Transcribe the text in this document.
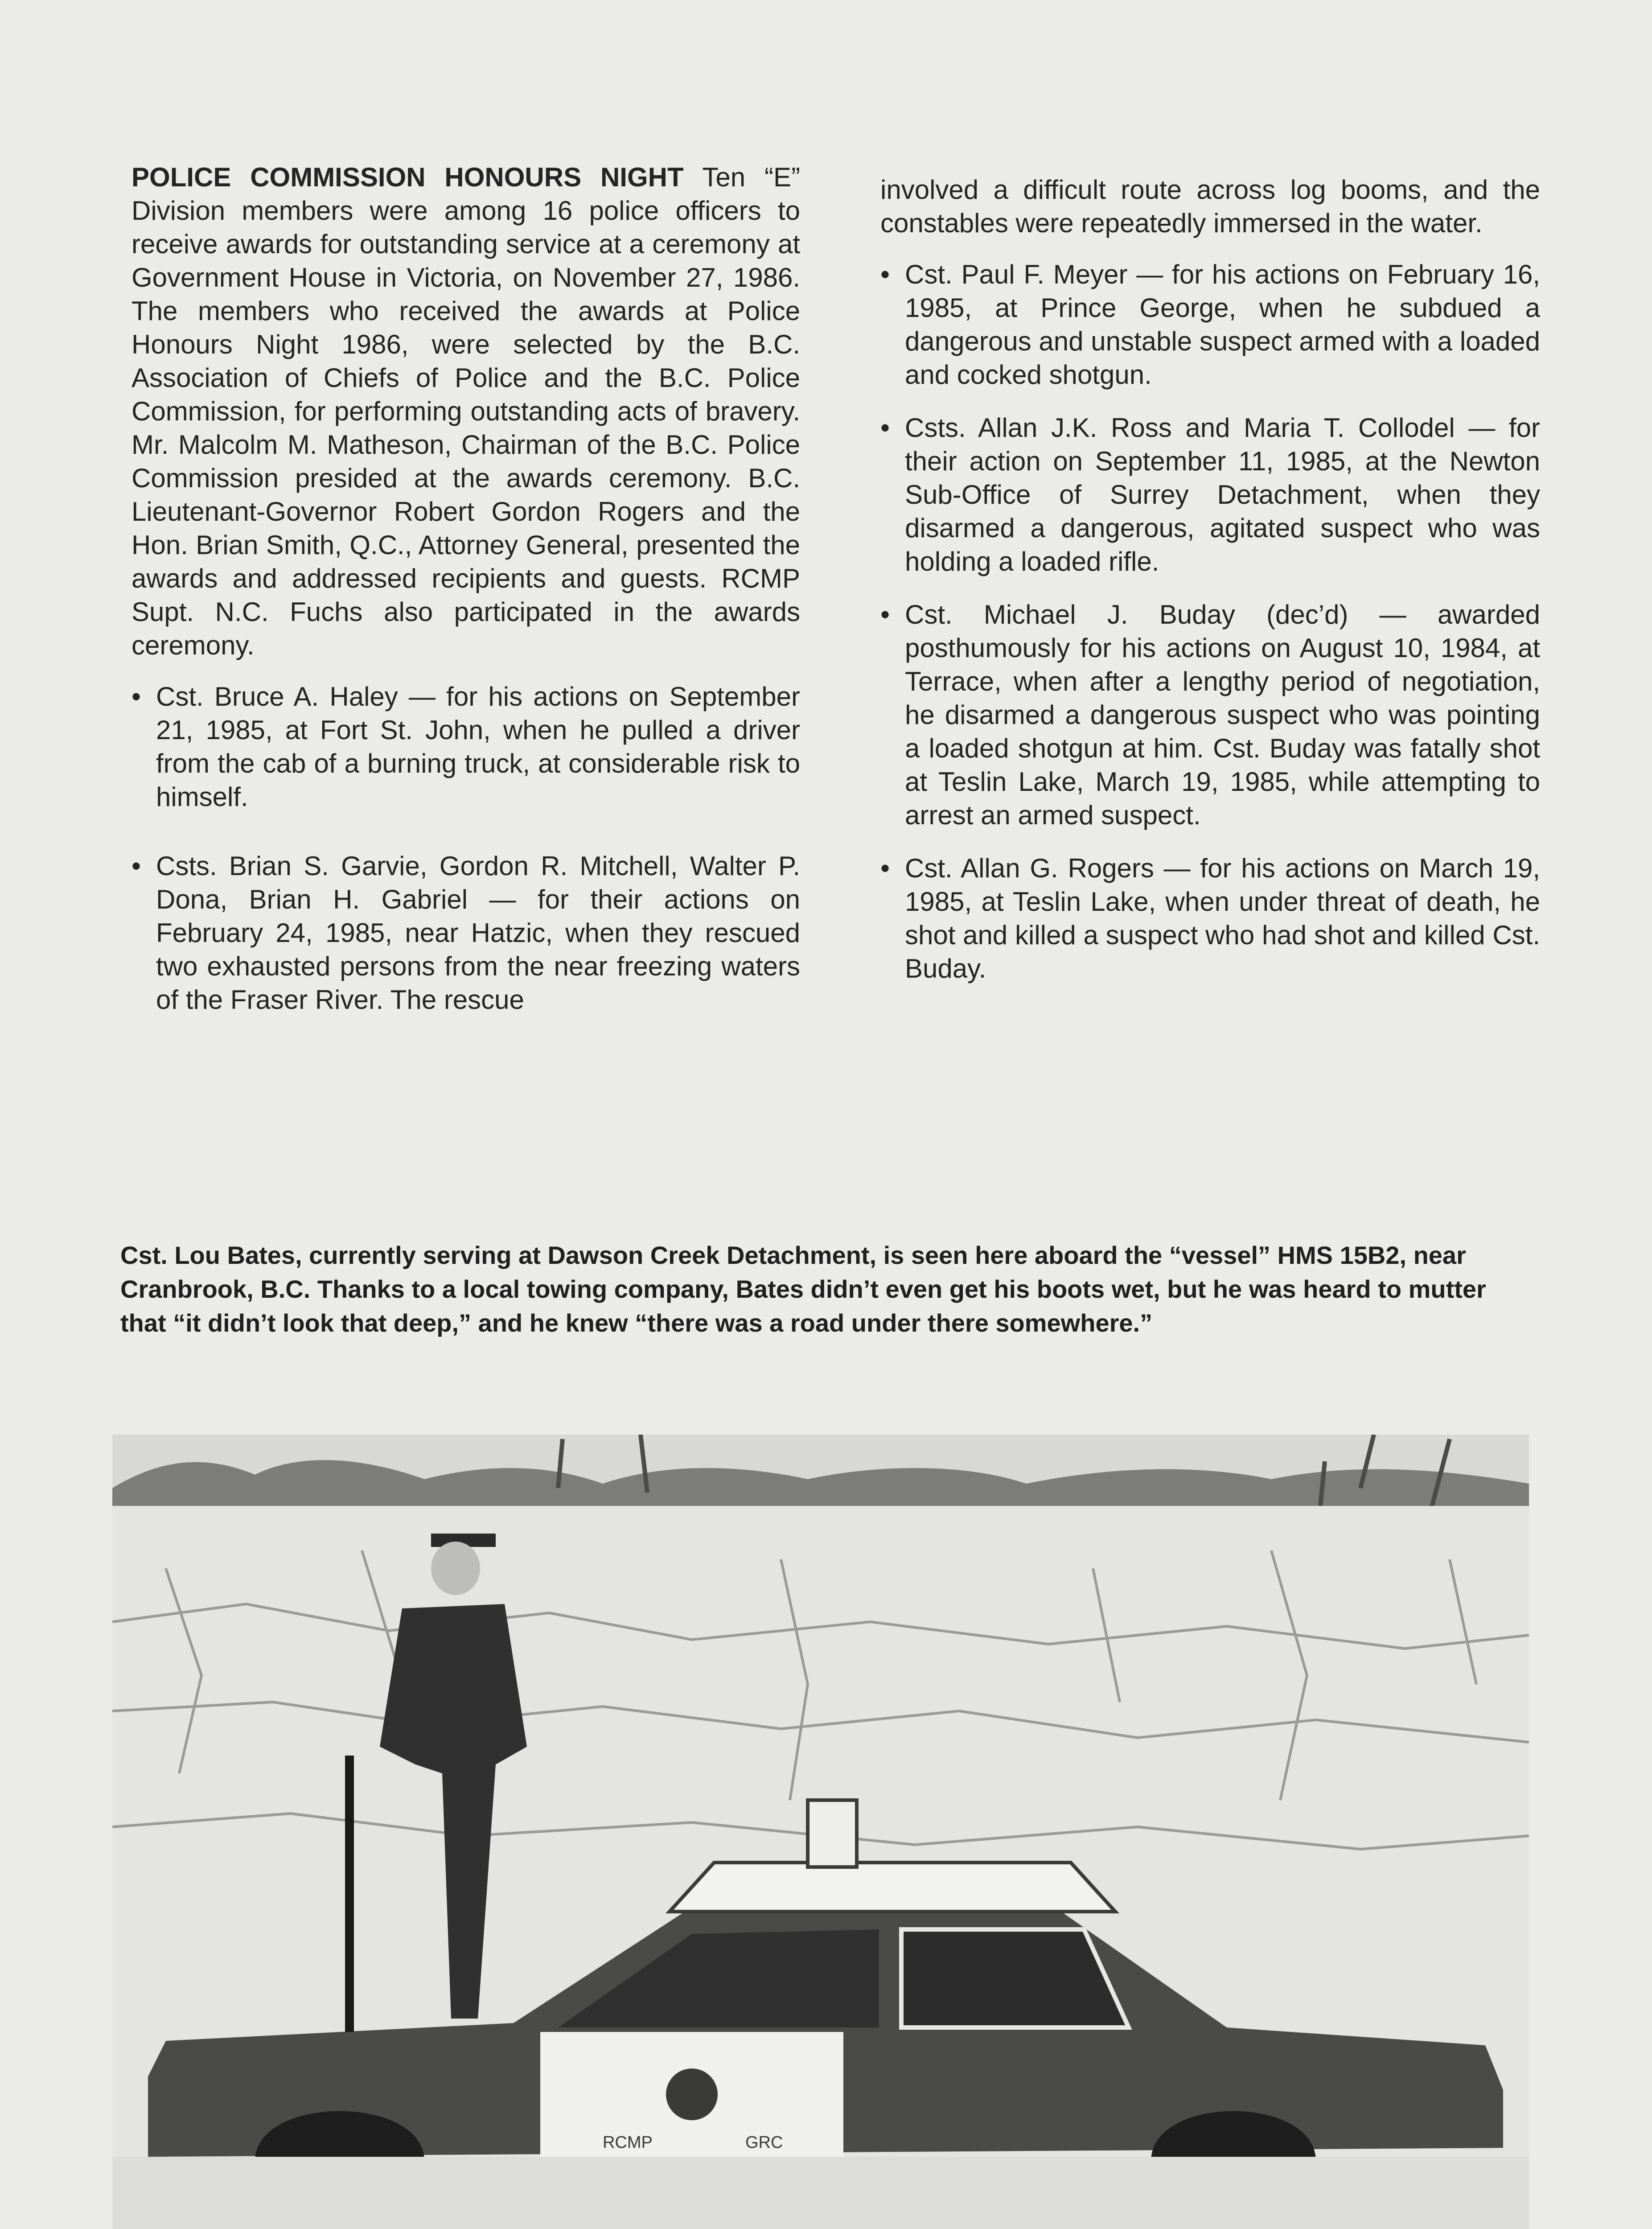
POLICE COMMISSION HONOURS NIGHT Ten “E” Division members were among 16 police officers to receive awards for outstanding service at a ceremony at Government House in Victoria, on November 27, 1986. The members who received the awards at Police Honours Night 1986, were selected by the B.C. Association of Chiefs of Police and the B.C. Police Commission, for performing outstanding acts of bravery. Mr. Malcolm M. Matheson, Chairman of the B.C. Police Commission presided at the awards ceremony. B.C. Lieutenant-Governor Robert Gordon Rogers and the Hon. Brian Smith, Q.C., Attorney General, presented the awards and addressed recipients and guests. RCMP Supt. N.C. Fuchs also participated in the awards ceremony.

• Cst. Bruce A. Haley — for his actions on September 21, 1985, at Fort St. John, when he pulled a driver from the cab of a burning truck, at considerable risk to himself.
• Csts. Brian S. Garvie, Gordon R. Mitchell, Walter P. Dona, Brian H. Gabriel — for their actions on February 24, 1985, near Hatzic, when they rescued two exhausted persons from the near freezing waters of the Fraser River. The rescue

involved a difficult route across log booms, and the constables were repeatedly immersed in the water.

• Cst. Paul F. Meyer — for his actions on February 16, 1985, at Prince George, when he subdued a dangerous and unstable suspect armed with a loaded and cocked shotgun.
• Csts. Allan J.K. Ross and Maria T. Collodel — for their action on September 11, 1985, at the Newton Sub-Office of Surrey Detachment, when they disarmed a dangerous, agitated suspect who was holding a loaded rifle.
• Cst. Michael J. Buday (dec’d) — awarded posthumously for his actions on August 10, 1984, at Terrace, when after a lengthy period of negotiation, he disarmed a dangerous suspect who was pointing a loaded shotgun at him. Cst. Buday was fatally shot at Teslin Lake, March 19, 1985, while attempting to arrest an armed suspect.
• Cst. Allan G. Rogers — for his actions on March 19, 1985, at Teslin Lake, when under threat of death, he shot and killed a suspect who had shot and killed Cst. Buday.
Cst. Lou Bates, currently serving at Dawson Creek Detachment, is seen here aboard the “vessel” HMS 15B2, near Cranbrook, B.C. Thanks to a local towing company, Bates didn’t even get his boots wet, but he was heard to mutter that “it didn’t look that deep,” and he knew “there was a road under there somewhere.”
RCMP	GRC
